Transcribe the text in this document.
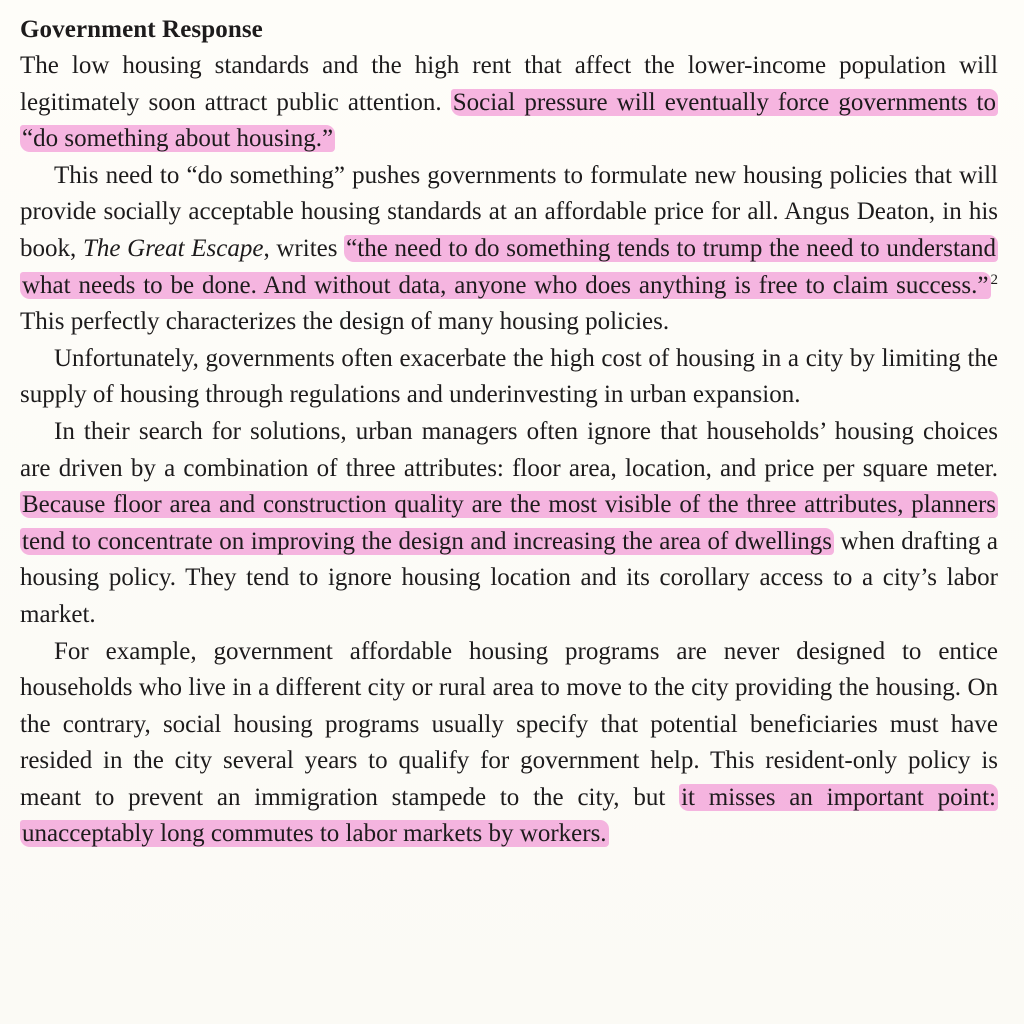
Government Response

The low housing standards and the high rent that affect the lower-income population will legitimately soon attract public attention. Social pressure will eventually force governments to “do something about housing.”

This need to “do something” pushes governments to formulate new housing policies that will provide socially acceptable housing standards at an affordable price for all. Angus Deaton, in his book, The Great Escape, writes “the need to do something tends to trump the need to understand what needs to be done. And without data, anyone who does anything is free to claim success.” $^2$ This perfectly characterizes the design of many housing policies.

Unfortunately, governments often exacerbate the high cost of housing in a city by limiting the supply of housing through regulations and underinvesting in urban expansion.

In their search for solutions, urban managers often ignore that households’ housing choices are driven by a combination of three attributes: floor area, location, and price per square meter. Because floor area and construction quality are the most visible of the three attributes, planners tend to concentrate on improving the design and increasing the area of dwellings when drafting a housing policy. They tend to ignore housing location and its corollary access to a city’s labor market.

For example, government affordable housing programs are never designed to entice households who live in a different city or rural area to move to the city providing the housing. On the contrary, social housing programs usually specify that potential beneficiaries must have resided in the city several years to qualify for government help. This resident-only policy is meant to prevent an immigration stampede to the city, but it misses an important point: unacceptably long commutes to labor markets by workers.
